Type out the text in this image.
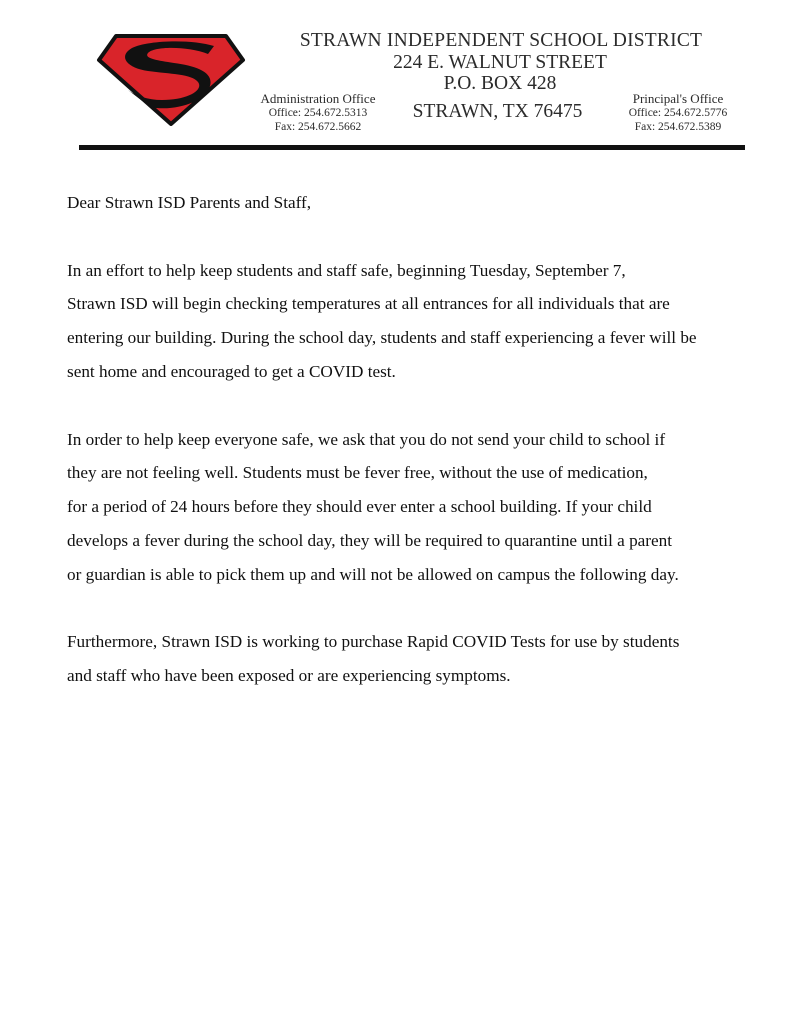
STRAWN INDEPENDENT SCHOOL DISTRICT
224 E. WALNUT STREET
P.O. BOX 428
STRAWN, TX 76475
Administration Office
Office: 254.672.5313
Fax: 254.672.5662
Principal's Office
Office: 254.672.5776
Fax: 254.672.5389

Dear Strawn ISD Parents and Staff,

In an effort to help keep students and staff safe, beginning Tuesday, September 7,
Strawn ISD will begin checking temperatures at all entrances for all individuals that are
entering our building. During the school day, students and staff experiencing a fever will be
sent home and encouraged to get a COVID test.

In order to help keep everyone safe, we ask that you do not send your child to school if
they are not feeling well. Students must be fever free, without the use of medication,
for a period of 24 hours before they should ever enter a school building. If your child
develops a fever during the school day, they will be required to quarantine until a parent
or guardian is able to pick them up and will not be allowed on campus the following day.

Furthermore, Strawn ISD is working to purchase Rapid COVID Tests for use by students
and staff who have been exposed or are experiencing symptoms.
